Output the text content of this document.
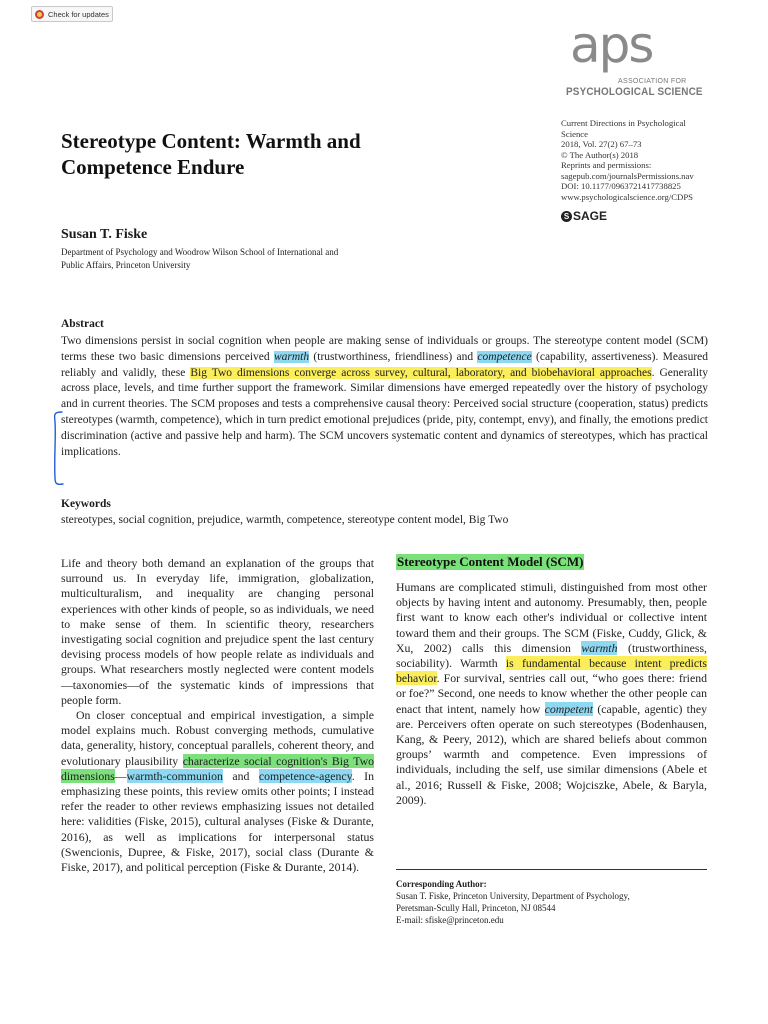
Check for updates
aps
ASSOCIATION FOR
PSYCHOLOGICAL SCIENCE
Current Directions in Psychological
Science
2018, Vol. 27(2) 67–73
© The Author(s) 2018
Reprints and permissions:
sagepub.com/journalsPermissions.nav
DOI: 10.1177/0963721417738825
www.psychologicalscience.org/CDPS
S SAGE
Stereotype Content: Warmth and
Competence Endure
Susan T. Fiske
Department of Psychology and Woodrow Wilson School of International and
Public Affairs, Princeton University
Abstract
Two dimensions persist in social cognition when people are making sense of individuals or groups. The stereotype content model (SCM) terms these two basic dimensions perceived warmth (trustworthiness, friendliness) and competence (capability, assertiveness). Measured reliably and validly, these Big Two dimensions converge across survey, cultural, laboratory, and biobehavioral approaches. Generality across place, levels, and time further support the framework. Similar dimensions have emerged repeatedly over the history of psychology and in current theories. The SCM proposes and tests a comprehensive causal theory: Perceived social structure (cooperation, status) predicts stereotypes (warmth, competence), which in turn predict emotional prejudices (pride, pity, contempt, envy), and finally, the emotions predict discrimination (active and passive help and harm). The SCM uncovers systematic content and dynamics of stereotypes, which has practical implications.
Keywords
stereotypes, social cognition, prejudice, warmth, competence, stereotype content model, Big Two

Life and theory both demand an explanation of the groups that surround us. In everyday life, immigration, globalization, multiculturalism, and inequality are changing personal experiences with other kinds of people, so as individuals, we need to make sense of them. In scientific theory, researchers investigating social cognition and prejudice spent the last century devising process models of how people relate as individuals and groups. What researchers mostly neglected were content models—taxonomies—of the systematic kinds of impressions that people form.

On closer conceptual and empirical investigation, a simple model explains much. Robust converging methods, cumulative data, generality, history, conceptual parallels, coherent theory, and evolutionary plausibility characterize social cognition's Big Two dimensions—warmth-communion and competence-agency. In emphasizing these points, this review omits other points; I instead refer the reader to other reviews emphasizing issues not detailed here: validities (Fiske, 2015), cultural analyses (Fiske & Durante, 2016), as well as implications for interpersonal status (Swencionis, Dupree, & Fiske, 2017), social class (Durante & Fiske, 2017), and political perception (Fiske & Durante, 2014).

Stereotype Content Model (SCM)

Humans are complicated stimuli, distinguished from most other objects by having intent and autonomy. Presumably, then, people first want to know each other's individual or collective intent toward them and their groups. The SCM (Fiske, Cuddy, Glick, & Xu, 2002) calls this dimension warmth (trustworthiness, sociability). Warmth is fundamental because intent predicts behavior. For survival, sentries call out, “who goes there: friend or foe?” Second, one needs to know whether the other people can enact that intent, namely how competent (capable, agentic) they are. Perceivers often operate on such stereotypes (Bodenhausen, Kang, & Peery, 2012), which are shared beliefs about common groups’ warmth and competence. Even impressions of individuals, including the self, use similar dimensions (Abele et al., 2016; Russell & Fiske, 2008; Wojciszke, Abele, & Baryla, 2009).

Corresponding Author:
Susan T. Fiske, Princeton University, Department of Psychology,
Peretsman-Scully Hall, Princeton, NJ 08544
E-mail: sfiske@princeton.edu
